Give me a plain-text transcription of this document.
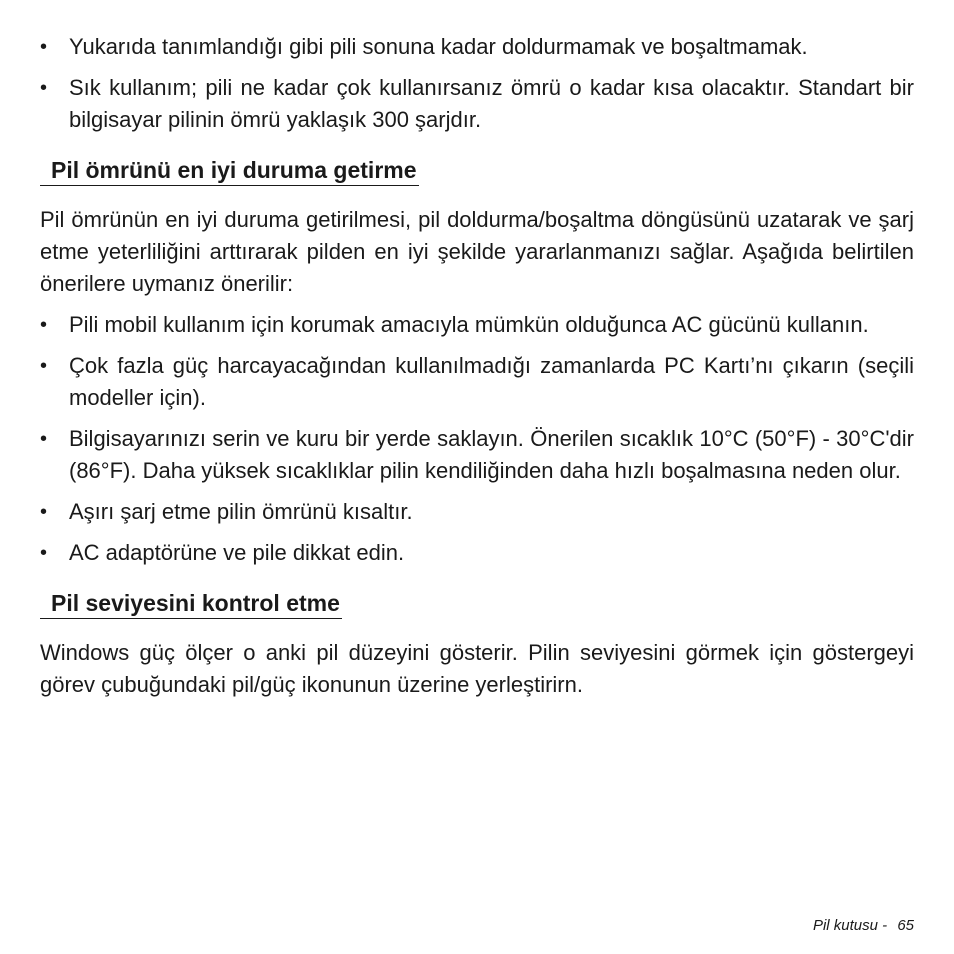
• Yukarıda tanımlandığı gibi pili sonuna kadar doldurmamak ve boşaltmamak.
• Sık kullanım; pili ne kadar çok kullanırsanız ömrü o kadar kısa olacaktır. Standart bir bilgisayar pilinin ömrü yaklaşık 300 şarjdır.
Pil ömrünü en iyi duruma getirme

Pil ömrünün en iyi duruma getirilmesi, pil doldurma/boşaltma döngüsünü uzatarak ve şarj etme yeterliliğini arttırarak pilden en iyi şekilde yararlanmanızı sağlar. Aşağıda belirtilen önerilere uymanız önerilir:

• Pili mobil kullanım için korumak amacıyla mümkün olduğunca AC gücünü kullanın.
• Çok fazla güç harcayacağından kullanılmadığı zamanlarda PC Kartı’nı çıkarın (seçili modeller için).
• Bilgisayarınızı serin ve kuru bir yerde saklayın. Önerilen sıcaklık 10°C (50°F) - 30°C'dir (86°F). Daha yüksek sıcaklıklar pilin kendiliğinden daha hızlı boşalmasına neden olur.
• Aşırı şarj etme pilin ömrünü kısaltır.
• AC adaptörüne ve pile dikkat edin.
Pil seviyesini kontrol etme

Windows güç ölçer o anki pil düzeyini gösterir. Pilin seviyesini görmek için göstergeyi görev çubuğundaki pil/güç ikonunun üzerine yerleştirirn.

Pil kutusu - 65
